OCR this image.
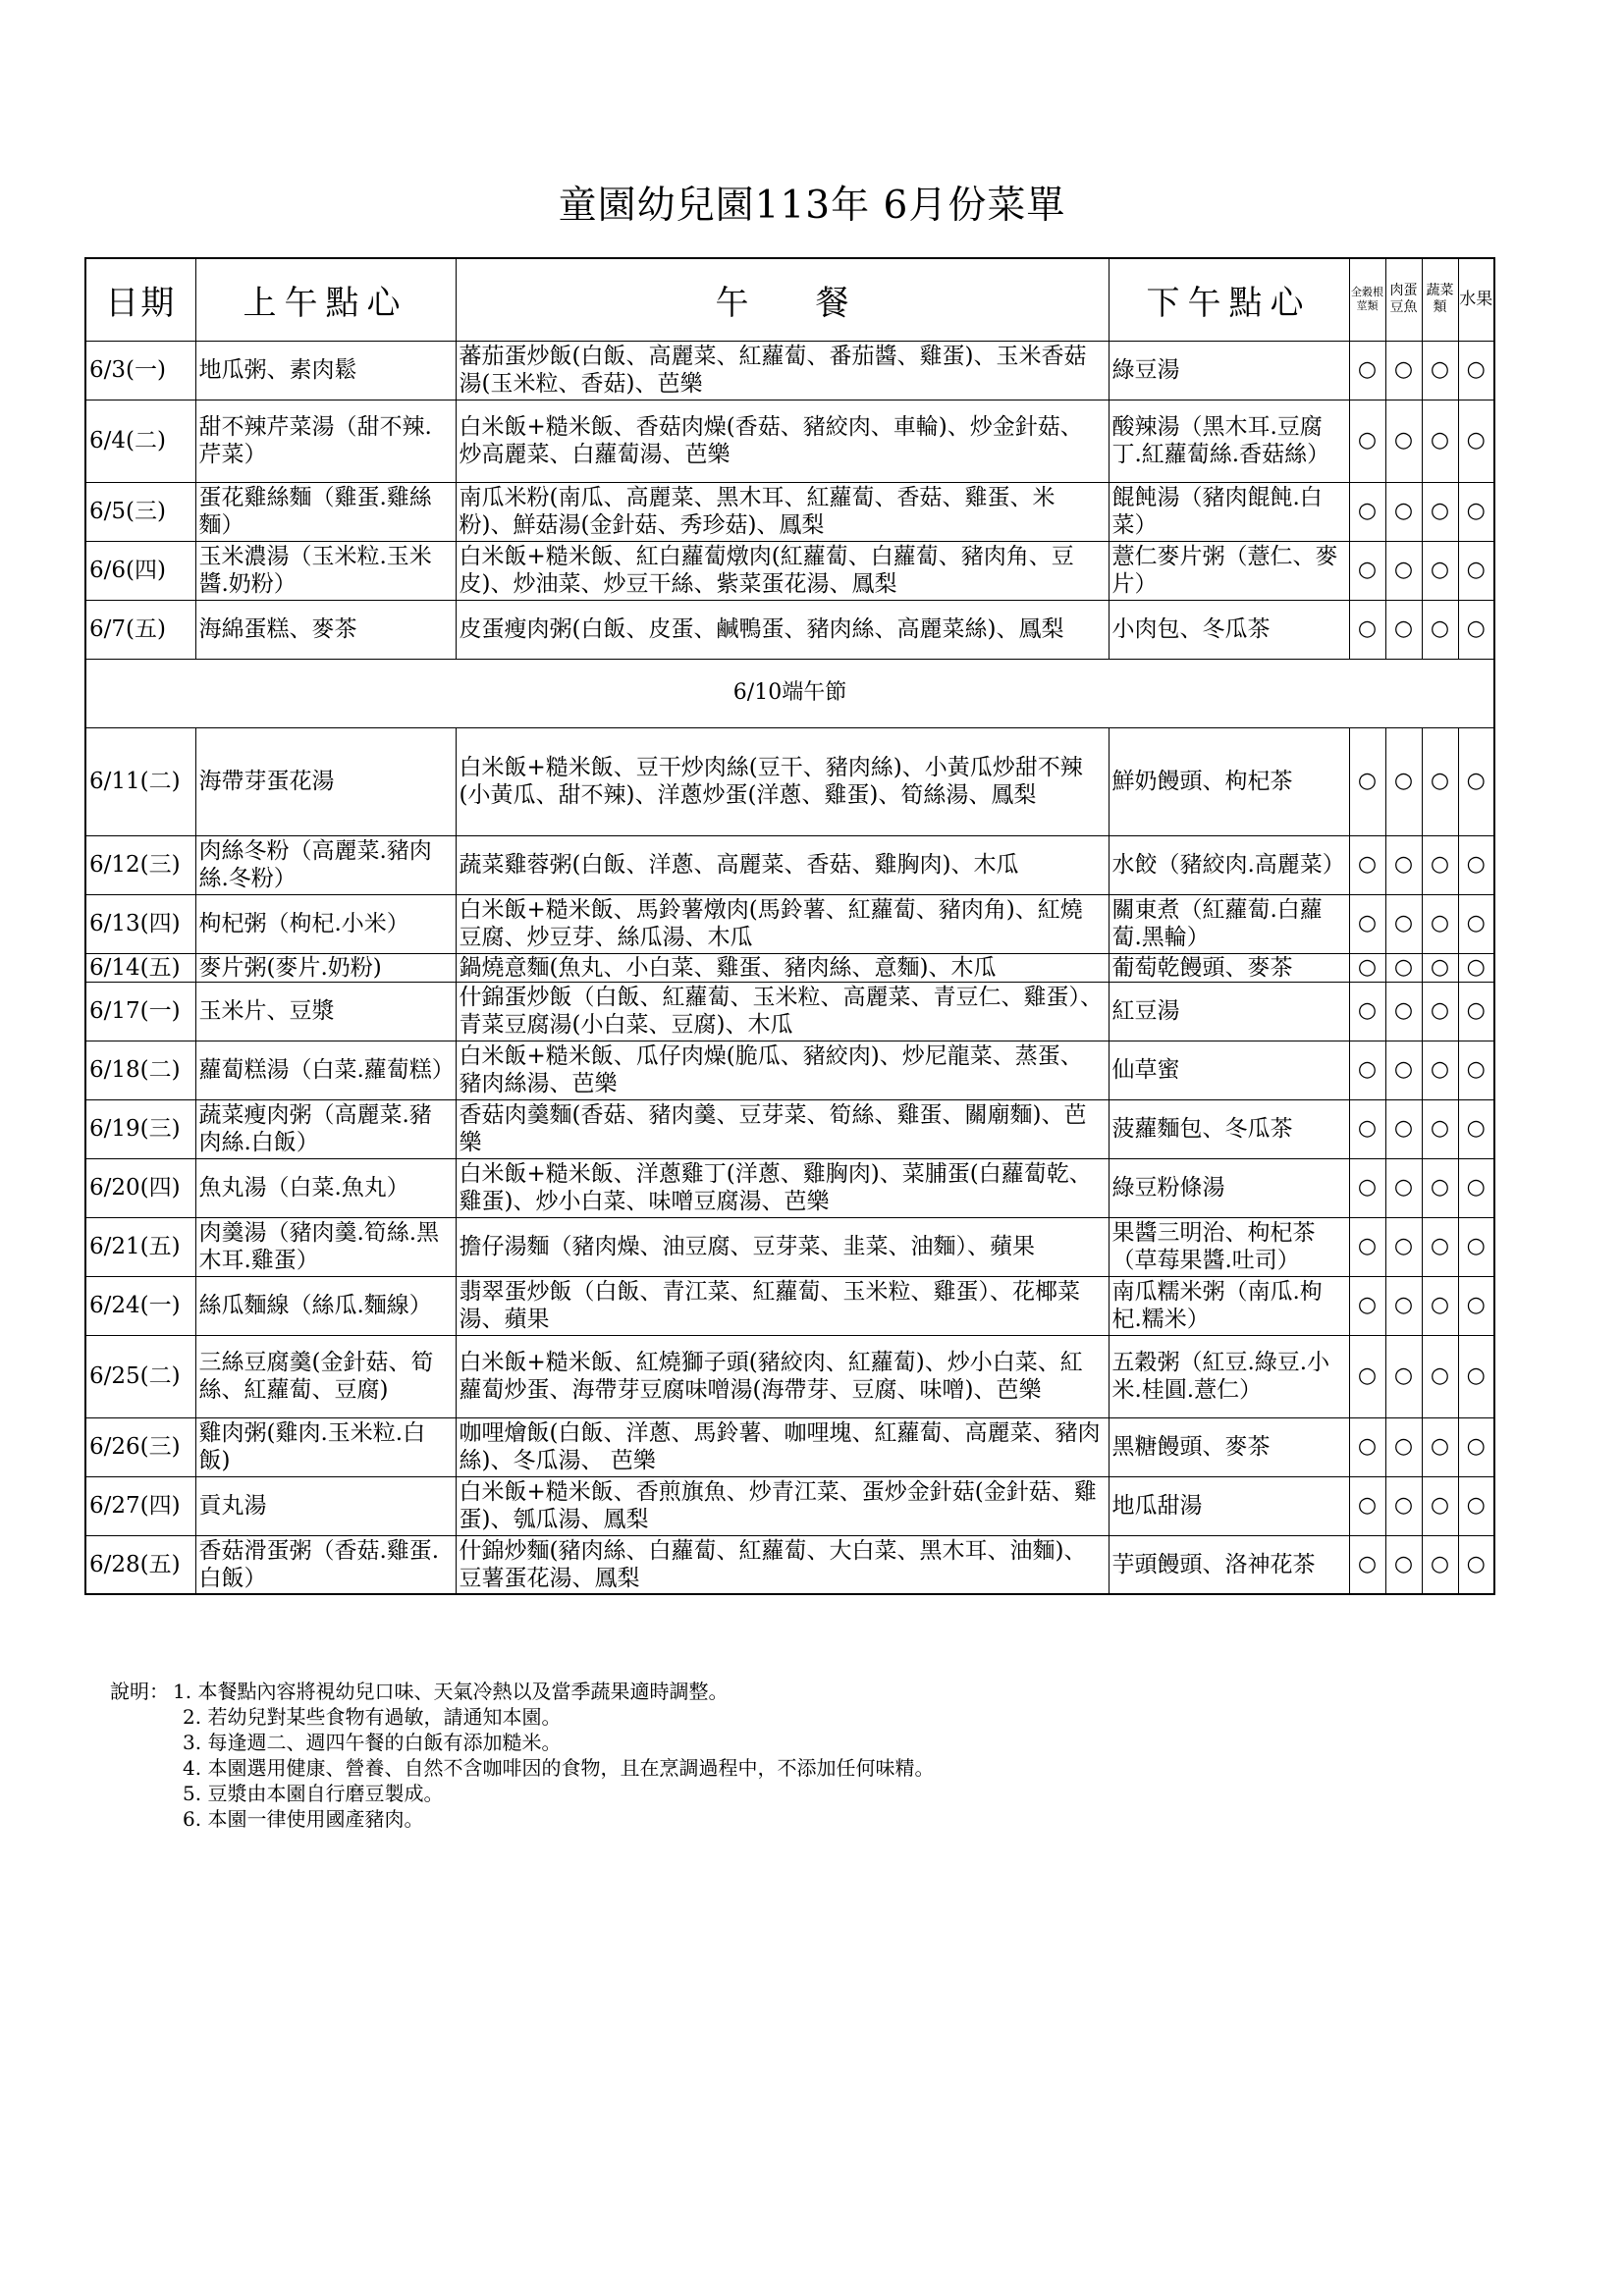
童園幼兒園113年 6月份菜單
日期	上午點心	午　　餐	下午點心	全穀根莖類	肉蛋豆魚	蔬菜類	水果
6/3(一)	地瓜粥、素肉鬆	蕃茄蛋炒飯(白飯、高麗菜、紅蘿蔔、番茄醬、雞蛋)、玉米香菇湯(玉米粒、香菇)、芭樂	綠豆湯	○	○	○	○
6/4(二)	甜不辣芹菜湯（甜不辣.芹菜）	白米飯+糙米飯、香菇肉燥(香菇、豬絞肉、車輪)、炒金針菇、炒高麗菜、白蘿蔔湯、芭樂	酸辣湯（黑木耳.豆腐丁.紅蘿蔔絲.香菇絲）	○	○	○	○
6/5(三)	蛋花雞絲麵（雞蛋.雞絲麵）	南瓜米粉(南瓜、高麗菜、黑木耳、紅蘿蔔、香菇、雞蛋、米粉)、鮮菇湯(金針菇、秀珍菇)、鳳梨	餛飩湯（豬肉餛飩.白菜）	○	○	○	○
6/6(四)	玉米濃湯（玉米粒.玉米醬.奶粉）	白米飯+糙米飯、紅白蘿蔔燉肉(紅蘿蔔、白蘿蔔、豬肉角、豆皮)、炒油菜、炒豆干絲、紫菜蛋花湯、鳳梨	薏仁麥片粥（薏仁、麥片）	○	○	○	○
6/7(五)	海綿蛋糕、麥茶	皮蛋瘦肉粥(白飯、皮蛋、鹹鴨蛋、豬肉絲、高麗菜絲)、鳳梨	小肉包、冬瓜茶	○	○	○	○
6/10端午節							
6/11(二)	海帶芽蛋花湯	白米飯+糙米飯、豆干炒肉絲(豆干、豬肉絲)、小黃瓜炒甜不辣(小黃瓜、甜不辣)、洋蔥炒蛋(洋蔥、雞蛋)、筍絲湯、鳳梨	鮮奶饅頭、枸杞茶	○	○	○	○
6/12(三)	肉絲冬粉（高麗菜.豬肉絲.冬粉）	蔬菜雞蓉粥(白飯、洋蔥、高麗菜、香菇、雞胸肉)、木瓜	水餃（豬絞肉.高麗菜）	○	○	○	○
6/13(四)	枸杞粥（枸杞.小米）	白米飯+糙米飯、馬鈴薯燉肉(馬鈴薯、紅蘿蔔、豬肉角)、紅燒豆腐、炒豆芽、絲瓜湯、木瓜	關東煮（紅蘿蔔.白蘿蔔.黑輪）	○	○	○	○
6/14(五)	麥片粥(麥片.奶粉)	鍋燒意麵(魚丸、小白菜、雞蛋、豬肉絲、意麵)、木瓜	葡萄乾饅頭、麥茶	○	○	○	○
6/17(一)	玉米片、豆漿	什錦蛋炒飯（白飯、紅蘿蔔、玉米粒、高麗菜、青豆仁、雞蛋）、青菜豆腐湯(小白菜、豆腐)、木瓜	紅豆湯	○	○	○	○
6/18(二)	蘿蔔糕湯（白菜.蘿蔔糕）	白米飯+糙米飯、瓜仔肉燥(脆瓜、豬絞肉)、炒尼龍菜、蒸蛋、豬肉絲湯、芭樂	仙草蜜	○	○	○	○
6/19(三)	蔬菜瘦肉粥（高麗菜.豬肉絲.白飯）	香菇肉羹麵(香菇、豬肉羹、豆芽菜、筍絲、雞蛋、關廟麵)、芭樂	菠蘿麵包、冬瓜茶	○	○	○	○
6/20(四)	魚丸湯（白菜.魚丸）	白米飯+糙米飯、洋蔥雞丁(洋蔥、雞胸肉)、菜脯蛋(白蘿蔔乾、雞蛋)、炒小白菜、味噌豆腐湯、芭樂	綠豆粉條湯	○	○	○	○
6/21(五)	肉羹湯（豬肉羹.筍絲.黑木耳.雞蛋）	擔仔湯麵（豬肉燥、油豆腐、豆芽菜、韭菜、油麵）、蘋果	果醬三明治、枸杞茶（草莓果醬.吐司）	○	○	○	○
6/24(一)	絲瓜麵線（絲瓜.麵線）	翡翠蛋炒飯（白飯、青江菜、紅蘿蔔、玉米粒、雞蛋）、花椰菜湯、蘋果	南瓜糯米粥（南瓜.枸杞.糯米）	○	○	○	○
6/25(二)	三絲豆腐羹(金針菇、筍絲、紅蘿蔔、豆腐)	白米飯+糙米飯、紅燒獅子頭(豬絞肉、紅蘿蔔)、炒小白菜、紅蘿蔔炒蛋、海帶芽豆腐味噌湯(海帶芽、豆腐、味噌)、芭樂	五穀粥（紅豆.綠豆.小米.桂圓.薏仁）	○	○	○	○
6/26(三)	雞肉粥(雞肉.玉米粒.白飯)	咖哩燴飯(白飯、洋蔥、馬鈴薯、咖哩塊、紅蘿蔔、高麗菜、豬肉絲)、冬瓜湯、 芭樂	黑糖饅頭、麥茶	○	○	○	○
6/27(四)	貢丸湯	白米飯+糙米飯、香煎旗魚、炒青江菜、蛋炒金針菇(金針菇、雞蛋)、瓠瓜湯、鳳梨	地瓜甜湯	○	○	○	○
6/28(五)	香菇滑蛋粥（香菇.雞蛋.白飯）	什錦炒麵(豬肉絲、白蘿蔔、紅蘿蔔、大白菜、黑木耳、油麵)、豆薯蛋花湯、鳳梨	芋頭饅頭、洛神花茶	○	○	○	○
說明： 1. 本餐點內容將視幼兒口味、天氣冷熱以及當季蔬果適時調整。
2. 若幼兒對某些食物有過敏，請通知本園。
3. 每逢週二、週四午餐的白飯有添加糙米。
4. 本園選用健康、營養、自然不含咖啡因的食物，且在烹調過程中，不添加任何味精。
5. 豆漿由本園自行磨豆製成。
6. 本園一律使用國產豬肉。
